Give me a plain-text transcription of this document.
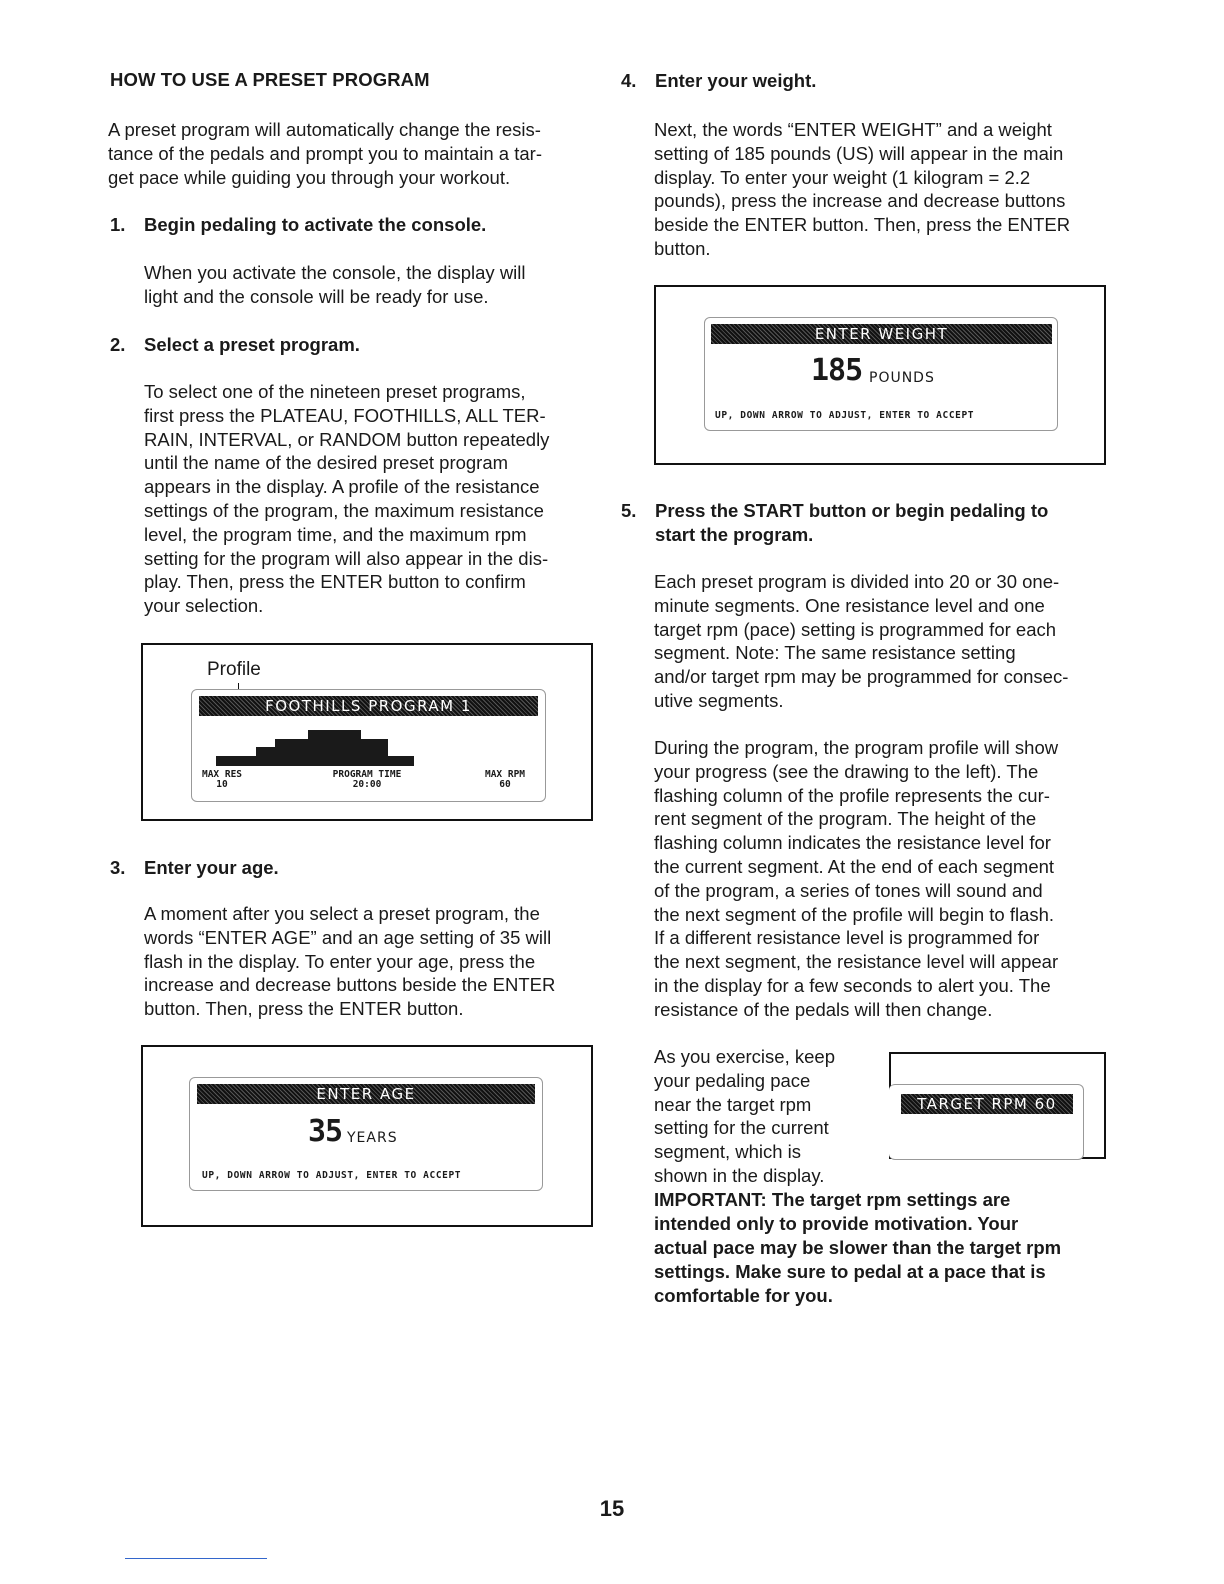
HOW TO USE A PRESET PROGRAM

A preset program will automatically change the resis-

tance of the pedals and prompt you to maintain a tar-

get pace while guiding you through your workout.

1. Begin pedaling to activate the console.

When you activate the console, the display will

light and the console will be ready for use.

2. Select a preset program.

To select one of the nineteen preset programs,

first press the PLATEAU, FOOTHILLS, ALL TER-

RAIN, INTERVAL, or RANDOM button repeatedly

until the name of the desired preset program

appears in the display. A profile of the resistance

settings of the program, the maximum resistance

level, the program time, and the maximum rpm

setting for the program will also appear in the dis-

play. Then, press the ENTER button to confirm

your selection.

Profile
FOOTHILLS PROGRAM 1
MAX RES
10
PROGRAM TIME
20:00
MAX RPM
60
3. Enter your age.

A moment after you select a preset program, the

words “ENTER AGE” and an age setting of 35 will

flash in the display. To enter your age, press the

increase and decrease buttons beside the ENTER

button. Then, press the ENTER button.

ENTER AGE
35 YEARS
UP, DOWN ARROW TO ADJUST, ENTER TO ACCEPT
4. Enter your weight.

Next, the words “ENTER WEIGHT” and a weight

setting of 185 pounds (US) will appear in the main

display. To enter your weight (1 kilogram = 2.2

pounds), press the increase and decrease buttons

beside the ENTER button. Then, press the ENTER

button.

ENTER WEIGHT
185 POUNDS
UP, DOWN ARROW TO ADJUST, ENTER TO ACCEPT
5. Press the START button or begin pedaling to
start the program.

Each preset program is divided into 20 or 30 one-

minute segments. One resistance level and one

target rpm (pace) setting is programmed for each

segment. Note: The same resistance setting

and/or target rpm may be programmed for consec-

utive segments.

During the program, the program profile will show

your progress (see the drawing to the left). The

flashing column of the profile represents the cur-

rent segment of the program. The height of the

flashing column indicates the resistance level for

the current segment. At the end of each segment

of the program, a series of tones will sound and

the next segment of the profile will begin to flash.

If a different resistance level is programmed for

the next segment, the resistance level will appear

in the display for a few seconds to alert you. The

resistance of the pedals will then change.

As you exercise, keep

your pedaling pace

near the target rpm

setting for the current

segment, which is

shown in the display.

TARGET RPM 60
IMPORTANT: The target rpm settings are
intended only to provide motivation. Your
actual pace may be slower than the target rpm
settings. Make sure to pedal at a pace that is
comfortable for you.
15
